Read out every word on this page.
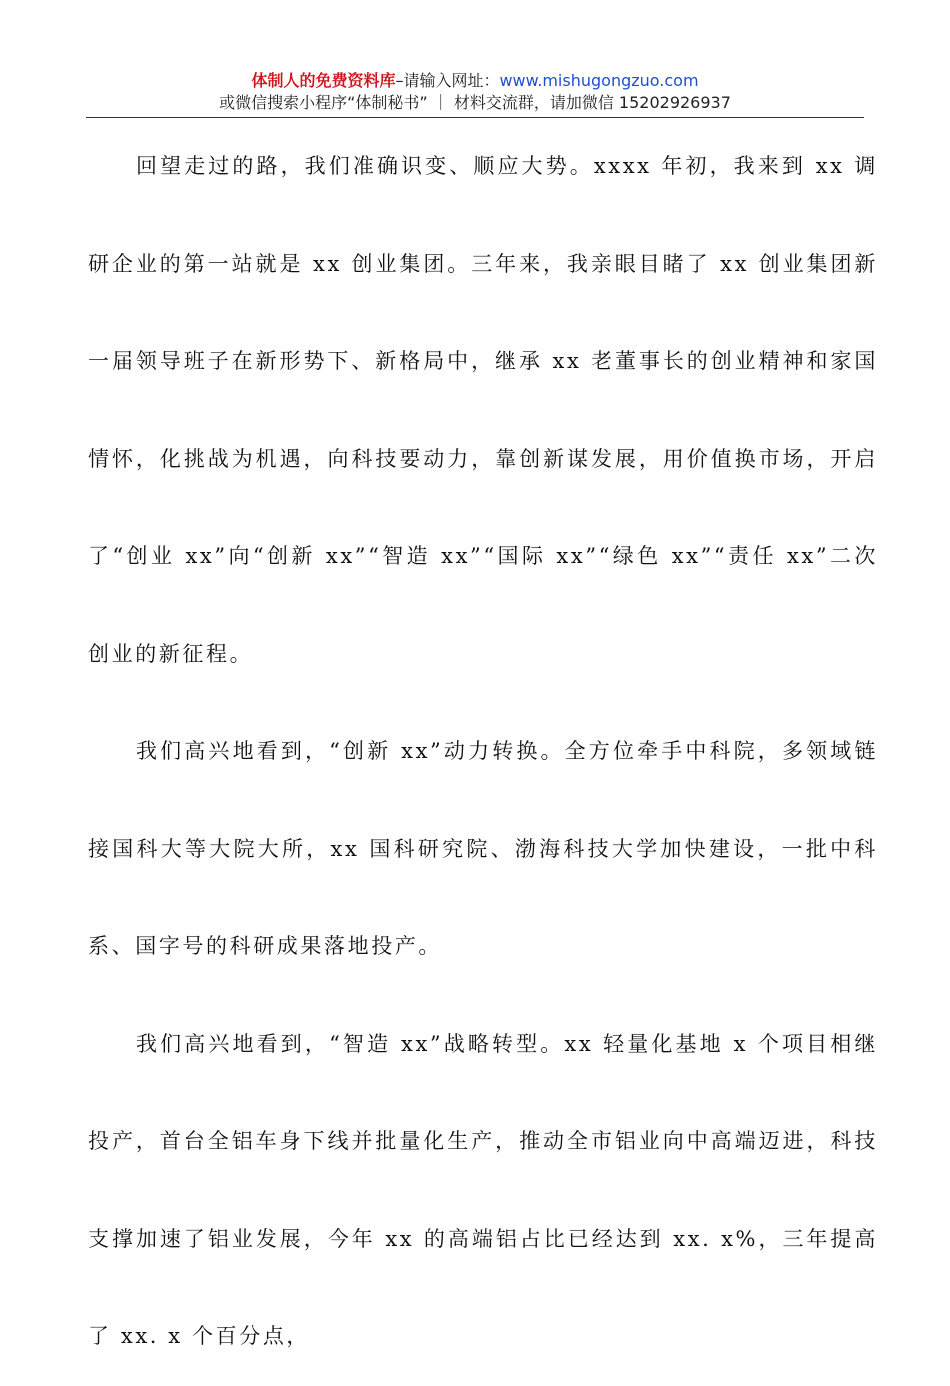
体制人的免费资料库–请输入网址：www.mishugongzuo.com
或微信搜索小程序“体制秘书” ｜ 材料交流群，请加微信 15202926937

回望走过的路，我们准确识变、顺应大势。xxxx 年初，我来到 xx 调研企业的第一站就是 xx 创业集团。三年来，我亲眼目睹了 xx 创业集团新一届领导班子在新形势下、新格局中，继承 xx 老董事长的创业精神和家国情怀，化挑战为机遇，向科技要动力，靠创新谋发展，用价值换市场，开启了“创业 xx”向“创新 xx”“智造 xx”“国际 xx”“绿色 xx”“责任 xx”二次创业的新征程。

我们高兴地看到，“创新 xx”动力转换。全方位牵手中科院，多领域链接国科大等大院大所，xx 国科研究院、渤海科技大学加快建设，一批中科系、国字号的科研成果落地投产。

我们高兴地看到，“智造 xx”战略转型。xx 轻量化基地 x 个项目相继投产，首台全铝车身下线并批量化生产，推动全市铝业向中高端迈进，科技支撑加速了铝业发展，今年 xx 的高端铝占比已经达到 xx. x%，三年提高了 xx. x 个百分点，
